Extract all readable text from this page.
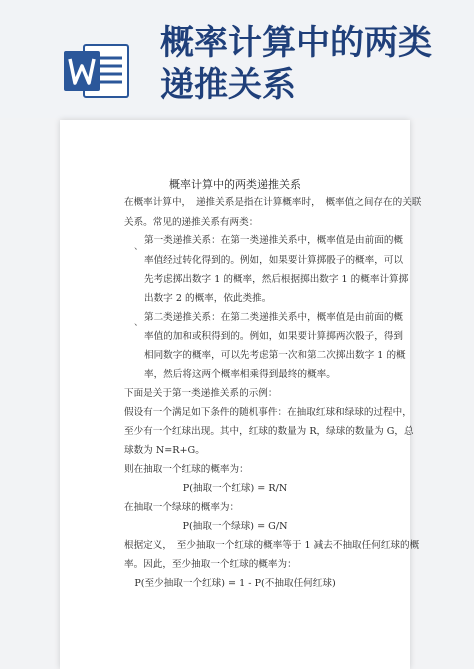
概率计算中的两类
递推关系
概率计算中的两类递推关系
在概率计算中，　递推关系是指在计算概率时，　概率值之间存在的关联
关系。常见的递推关系有两类：
、
第一类递推关系：在第一类递推关系中，概率值是由前面的概
率值经过转化得到的。例如，如果要计算掷骰子的概率，可以
先考虑掷出数字 1 的概率，然后根据掷出数字 1 的概率计算掷
出数字 2 的概率，依此类推。
、 第二类递推关系：在第二类递推关系中，概率值是由前面的概
率值的加和或积得到的。例如，如果要计算掷两次骰子，得到
相同数字的概率，可以先考虑第一次和第二次掷出数字 1 的概
率，然后将这两个概率相乘得到最终的概率。
下面是关于第一类递推关系的示例：
假设有一个满足如下条件的随机事件：在抽取红球和绿球的过程中，
至少有一个红球出现。其中，红球的数量为 R，绿球的数量为 G，总
球数为 N=R+G。
则在抽取一个红球的概率为：
P(抽取一个红球) = R/N
在抽取一个绿球的概率为：
P(抽取一个绿球) = G/N
根据定义，　至少抽取一个红球的概率等于 1 减去不抽取任何红球的概
率。因此，至少抽取一个红球的概率为：
P(至少抽取一个红球) = 1 - P(不抽取任何红球)
